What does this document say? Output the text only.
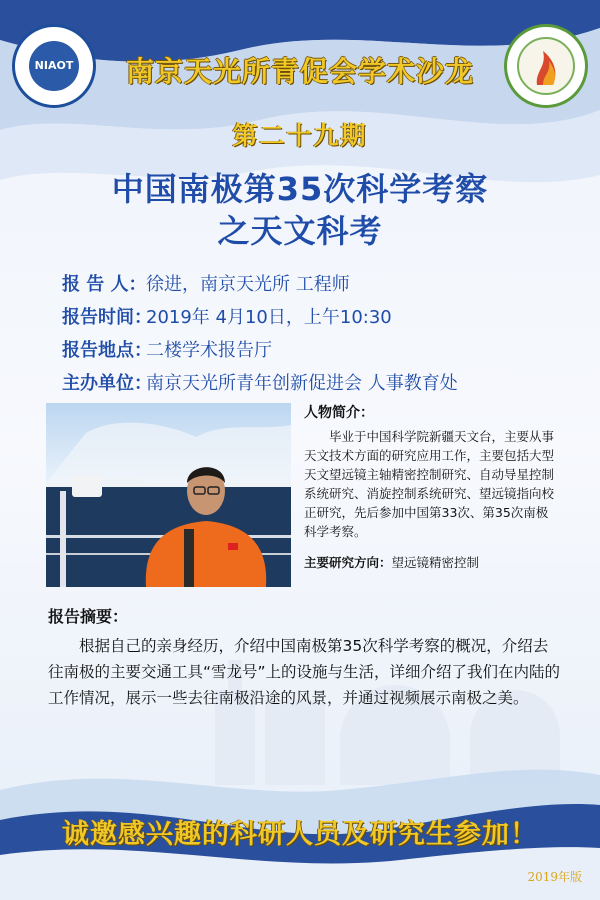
NIAOT	南京天光所青促会学术沙龙
第二十九期
中国南极第35次科学考察
之天文科考
报 告 人：徐进，南京天光所 工程师
报告时间：2019年 4月10日，上午10:30
报告地点：二楼学术报告厅
主办单位：南京天光所青年创新促进会 人事教育处
人物简介：
毕业于中国科学院新疆天文台，主要从事天文技术方面的研究应用工作，主要包括大型天文望远镜主轴精密控制研究、自动导星控制系统研究、消旋控制系统研究、望远镜指向校正研究，先后参加中国第33次、第35次南极科学考察。
主要研究方向：望远镜精密控制
报告摘要：
根据自己的亲身经历，介绍中国南极第35次科学考察的概况，介绍去往南极的主要交通工具“雪龙号”上的设施与生活，详细介绍了我们在内陆的工作情况，展示一些去往南极沿途的风景，并通过视频展示南极之美。
诚邀感兴趣的科研人员及研究生参加！
2019年版
